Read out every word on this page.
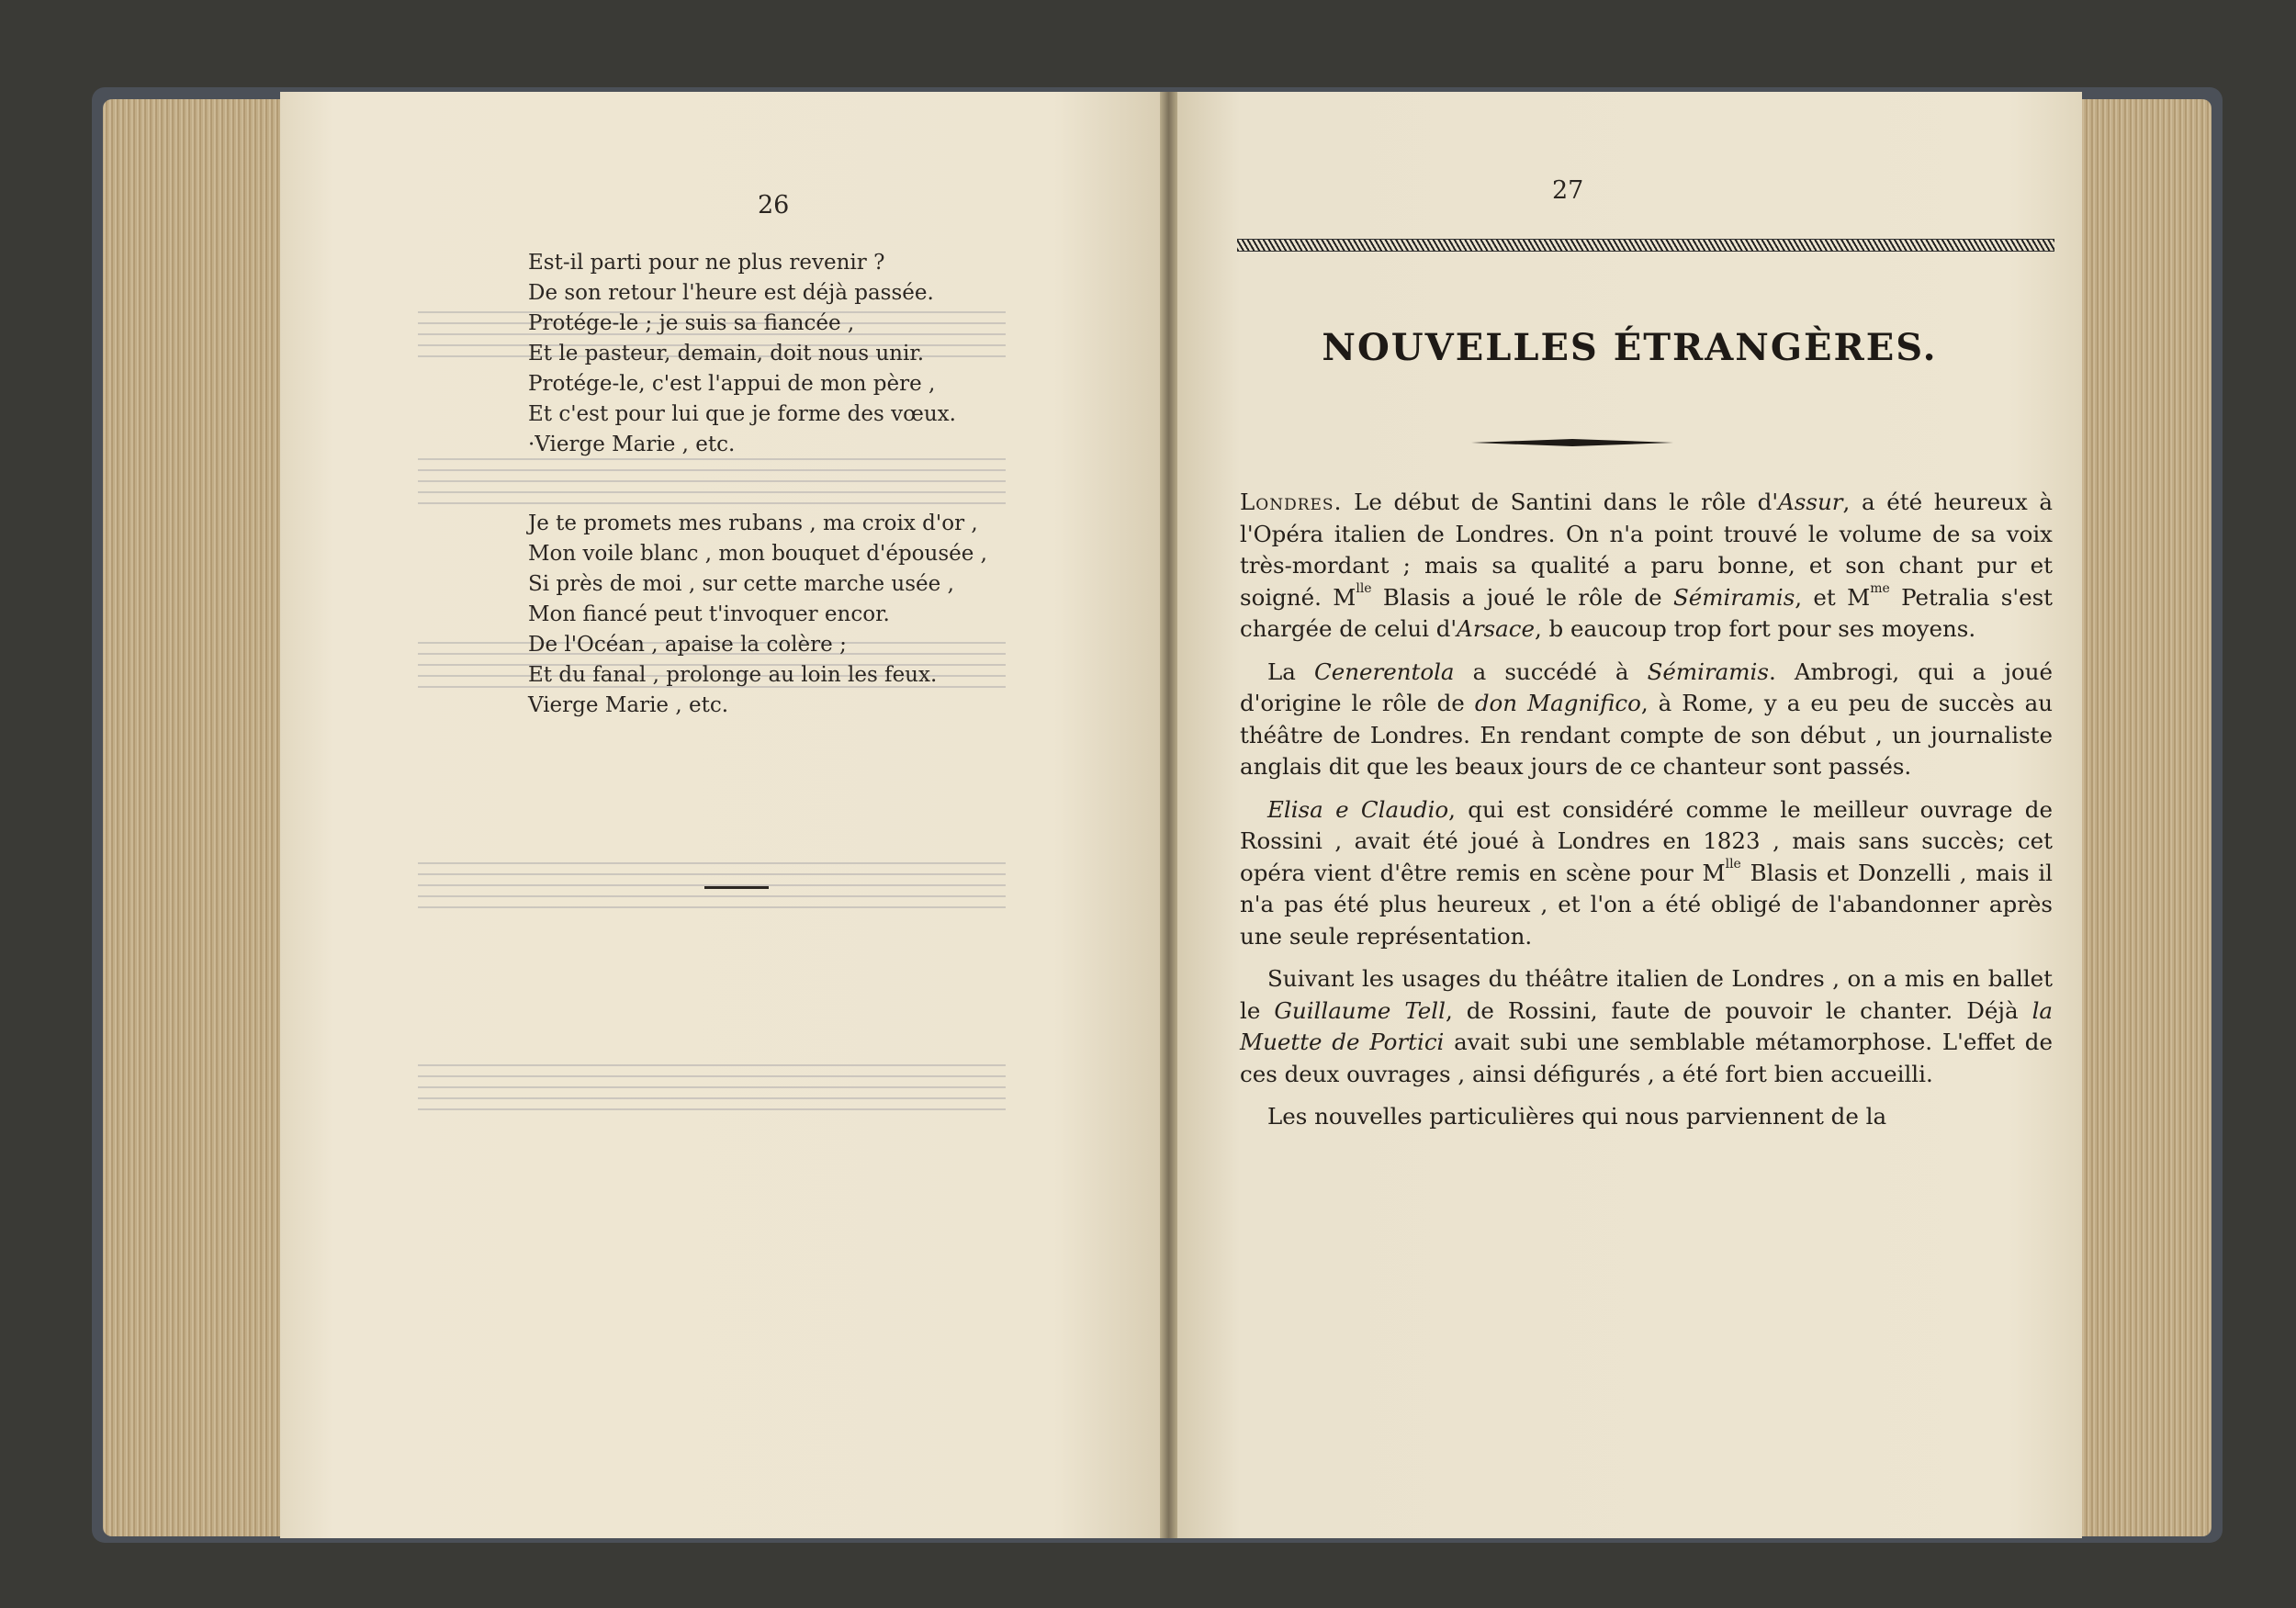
26

Est-il parti pour ne plus revenir ?

De son retour l'heure est déjà passée.

Protége-le ; je suis sa fiancée ,

Et le pasteur, demain, doit nous unir.

Protége-le, c'est l'appui de mon père ,

Et c'est pour lui que je forme des vœux.

·Vierge Marie , etc.

Je te promets mes rubans , ma croix d'or ,

Mon voile blanc , mon bouquet d'épousée ,

Si près de moi , sur cette marche usée ,

Mon fiancé peut t'invoquer encor.

De l'Océan , apaise la colère ;

Et du fanal , prolonge au loin les feux.

Vierge Marie , etc.

27
NOUVELLES ÉTRANGÈRES.

Londres. Le début de Santini dans le rôle d'Assur, a été heureux à l'Opéra italien de Londres. On n'a point trouvé le volume de sa voix très-mordant ; mais sa qualité a paru bonne, et son chant pur et soigné. $M^{lle}$ Blasis a joué le rôle de Sémiramis, et $M^{me}$ Petralia s'est chargée de celui d'Arsace, b eaucoup trop fort pour ses moyens.

La Cenerentola a succédé à Sémiramis. Ambrogi, qui a joué d'origine le rôle de don Magnifico, à Rome, y a eu peu de succès au théâtre de Londres. En rendant compte de son début , un journaliste anglais dit que les beaux jours de ce chanteur sont passés.

Elisa e Claudio, qui est considéré comme le meilleur ouvrage de Rossini , avait été joué à Londres en 1823 , mais sans succès; cet opéra vient d'être remis en scène pour $M^{lle}$ Blasis et Donzelli , mais il n'a pas été plus heureux , et l'on a été obligé de l'abandonner après une seule représentation.

Suivant les usages du théâtre italien de Londres , on a mis en ballet le Guillaume Tell, de Rossini, faute de pouvoir le chanter. Déjà la Muette de Portici avait subi une semblable métamorphose. L'effet de ces deux ouvrages , ainsi défigurés , a été fort bien accueilli.

Les nouvelles particulières qui nous parviennent de la
